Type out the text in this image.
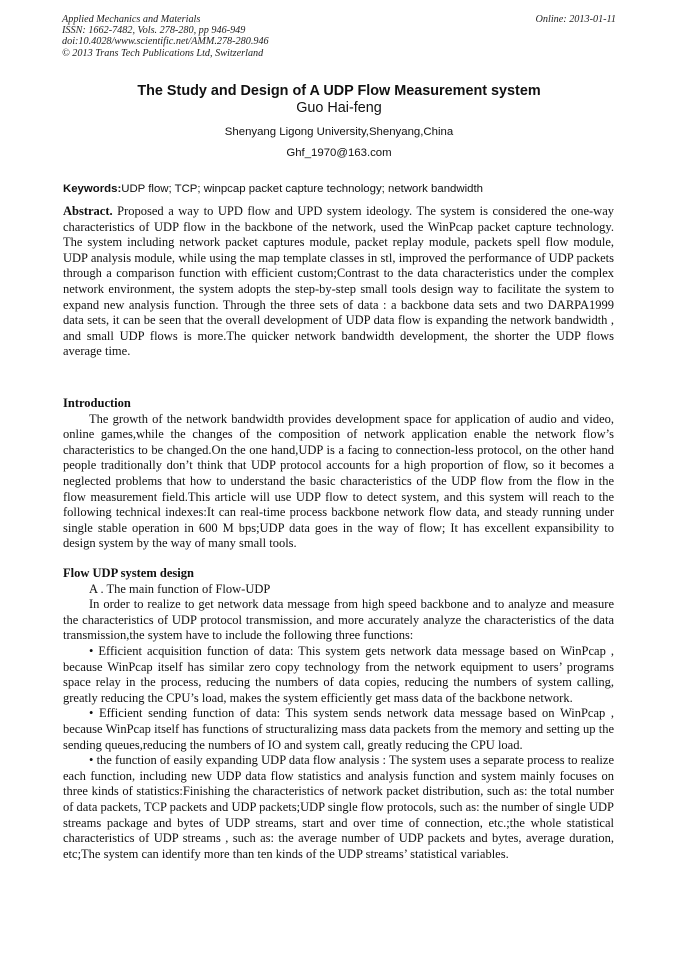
Applied Mechanics and Materials
ISSN: 1662-7482, Vols. 278-280, pp 946-949
doi:10.4028/www.scientific.net/AMM.278-280.946
© 2013 Trans Tech Publications Ltd, Switzerland
Online: 2013-01-11
The Study and Design of A UDP Flow Measurement system
Guo Hai-feng
Shenyang Ligong University,Shenyang,China
Ghf_1970@163.com
Keywords:UDP flow; TCP; winpcap packet capture technology; network bandwidth

Abstract. Proposed a way to UPD flow and UPD system ideology. The system is considered the one-way characteristics of UDP flow in the backbone of the network, used the WinPcap packet capture technology. The system including network packet captures module, packet replay module, packets spell flow module, UDP analysis module, while using the map template classes in stl, improved the performance of UDP packets through a comparison function with efficient custom;Contrast to the data characteristics under the complex network environment, the system adopts the step-by-step small tools design way to facilitate the system to expand new analysis function. Through the three sets of data : a backbone data sets and two DARPA1999 data sets, it can be seen that the overall development of UDP data flow is expanding the network bandwidth , and small UDP flows is more.The quicker network bandwidth development, the shorter the UDP flows average time.

Introduction

The growth of the network bandwidth provides development space for application of audio and video, online games,while the changes of the composition of network application enable the network flow’s characteristics to be changed.On the one hand,UDP is a facing to connection-less protocol, on the other hand people traditionally don’t think that UDP protocol accounts for a high proportion of flow, so it becomes a neglected problems that how to understand the basic characteristics of the UDP flow from the flow in the flow measurement field.This article will use UDP flow to detect system, and this system will reach to the following technical indexes:It can real-time process backbone network flow data, and steady running under single stable operation in 600 M bps;UDP data goes in the way of flow; It has excellent expansibility to design system by the way of many small tools.

Flow UDP system design

A . The main function of Flow-UDP

In order to realize to get network data message from high speed backbone and to analyze and measure the characteristics of UDP protocol transmission, and more accurately analyze the characteristics of the data transmission,the system have to include the following three functions:

• Efficient acquisition function of data: This system gets network data message based on WinPcap , because WinPcap itself has similar zero copy technology from the network equipment to users’ programs space relay in the process, reducing the numbers of data copies, reducing the numbers of system calling, greatly reducing the CPU’s load, makes the system efficiently get mass data of the backbone network.

• Efficient sending function of data: This system sends network data message based on WinPcap , because WinPcap itself has functions of structuralizing mass data packets from the memory and setting up the sending queues,reducing the numbers of IO and system call, greatly reducing the CPU load.

• the function of easily expanding UDP data flow analysis : The system uses a separate process to realize each function, including new UDP data flow statistics and analysis function and system mainly focuses on three kinds of statistics:Finishing the characteristics of network packet distribution, such as: the total number of data packets, TCP packets and UDP packets;UDP single flow protocols, such as: the number of single UDP streams package and bytes of UDP streams, start and over time of connection, etc.;the whole statistical characteristics of UDP streams , such as: the average number of UDP packets and bytes, average duration, etc;The system can identify more than ten kinds of the UDP streams’ statistical variables.
